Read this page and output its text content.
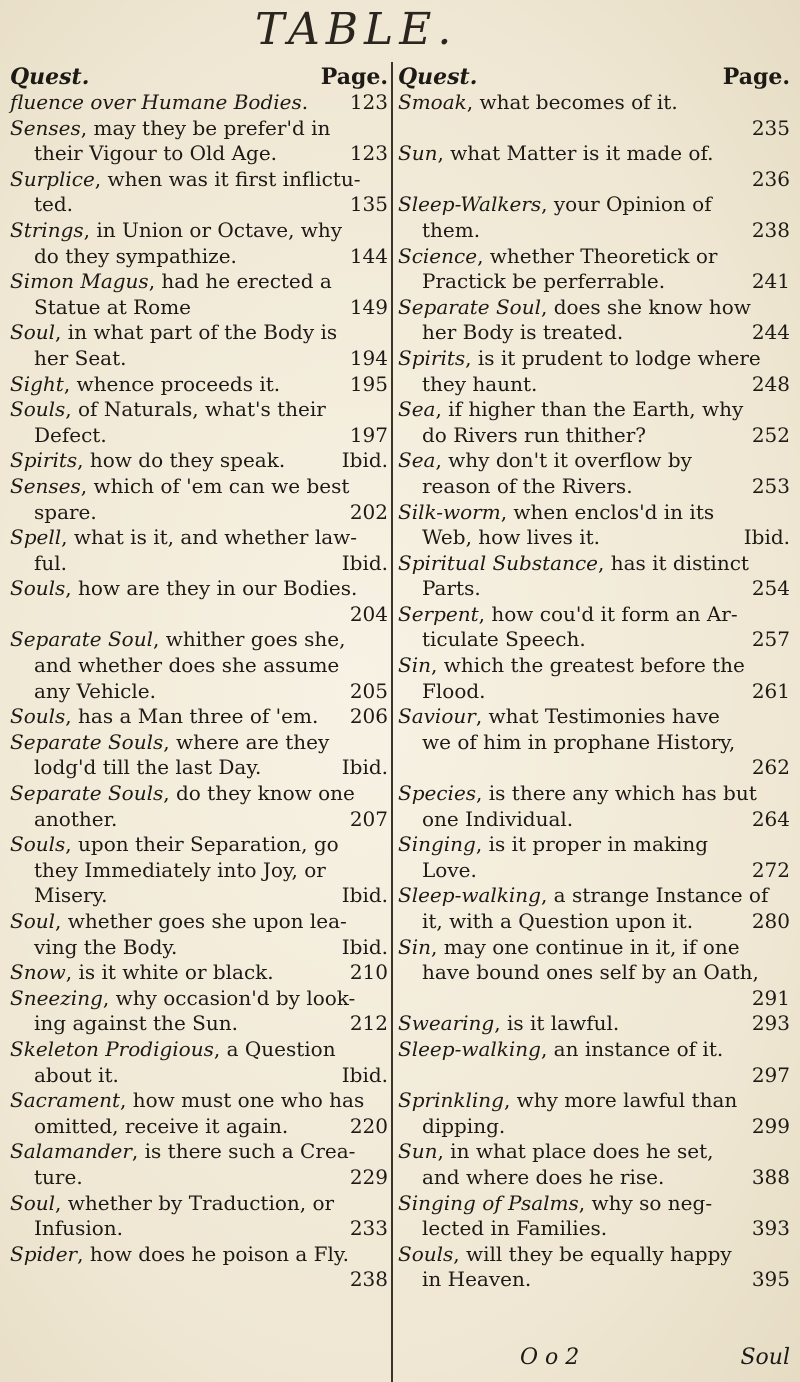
TABLE.
Quest.	Page.
fluence over Humane Bodies.	123
Senses, may they be prefer'd in
their Vigour to Old Age.	123
Surplice, when was it first inflictu-
ted.	135
Strings, in Union or Octave, why
do they sympathize.	144
Simon Magus, had he erected a
Statue at Rome	149
Soul, in what part of the Body is
her Seat.	194
Sight, whence proceeds it.	195
Souls, of Naturals, what's their
Defect.	197
Spirits, how do they speak.	Ibid.
Senses, which of 'em can we best
spare.	202
Spell, what is it, and whether law-
ful.	Ibid.
Souls, how are they in our Bodies.
204
Separate Soul, whither goes she,
and whether does she assume
any Vehicle.	205
Souls, has a Man three of 'em.	206
Separate Souls, where are they
lodg'd till the last Day.	Ibid.
Separate Souls, do they know one
another.	207
Souls, upon their Separation, go
they Immediately into Joy, or
Misery.	Ibid.
Soul, whether goes she upon lea-
ving the Body.	Ibid.
Snow, is it white or black.	210
Sneezing, why occasion'd by look-
ing against the Sun.	212
Skeleton Prodigious, a Question
about it.	Ibid.
Sacrament, how must one who has
omitted, receive it again.	220
Salamander, is there such a Crea-
ture.	229
Soul, whether by Traduction, or
Infusion.	233
Spider, how does he poison a Fly.
238
Quest.	Page.
Smoak, what becomes of it.
235
Sun, what Matter is it made of.
236
Sleep-Walkers, your Opinion of
them.	238
Science, whether Theoretick or
Practick be perferrable.	241
Separate Soul, does she know how
her Body is treated.	244
Spirits, is it prudent to lodge where
they haunt.	248
Sea, if higher than the Earth, why
do Rivers run thither?	252
Sea, why don't it overflow by
reason of the Rivers.	253
Silk-worm, when enclos'd in its
Web, how lives it.	Ibid.
Spiritual Substance, has it distinct
Parts.	254
Serpent, how cou'd it form an Ar-
ticulate Speech.	257
Sin, which the greatest before the
Flood.	261
Saviour, what Testimonies have
we of him in prophane History,
262
Species, is there any which has but
one Individual.	264
Singing, is it proper in making
Love.	272
Sleep-walking, a strange Instance of
it, with a Question upon it.	280
Sin, may one continue in it, if one
have bound ones self by an Oath,
291
Swearing, is it lawful.	293
Sleep-walking, an instance of it.
297
Sprinkling, why more lawful than
dipping.	299
Sun, in what place does he set,
and where does he rise.	388
Singing of Psalms, why so neg-
lected in Families.	393
Souls, will they be equally happy
in Heaven.	395
O o 2	Soul
